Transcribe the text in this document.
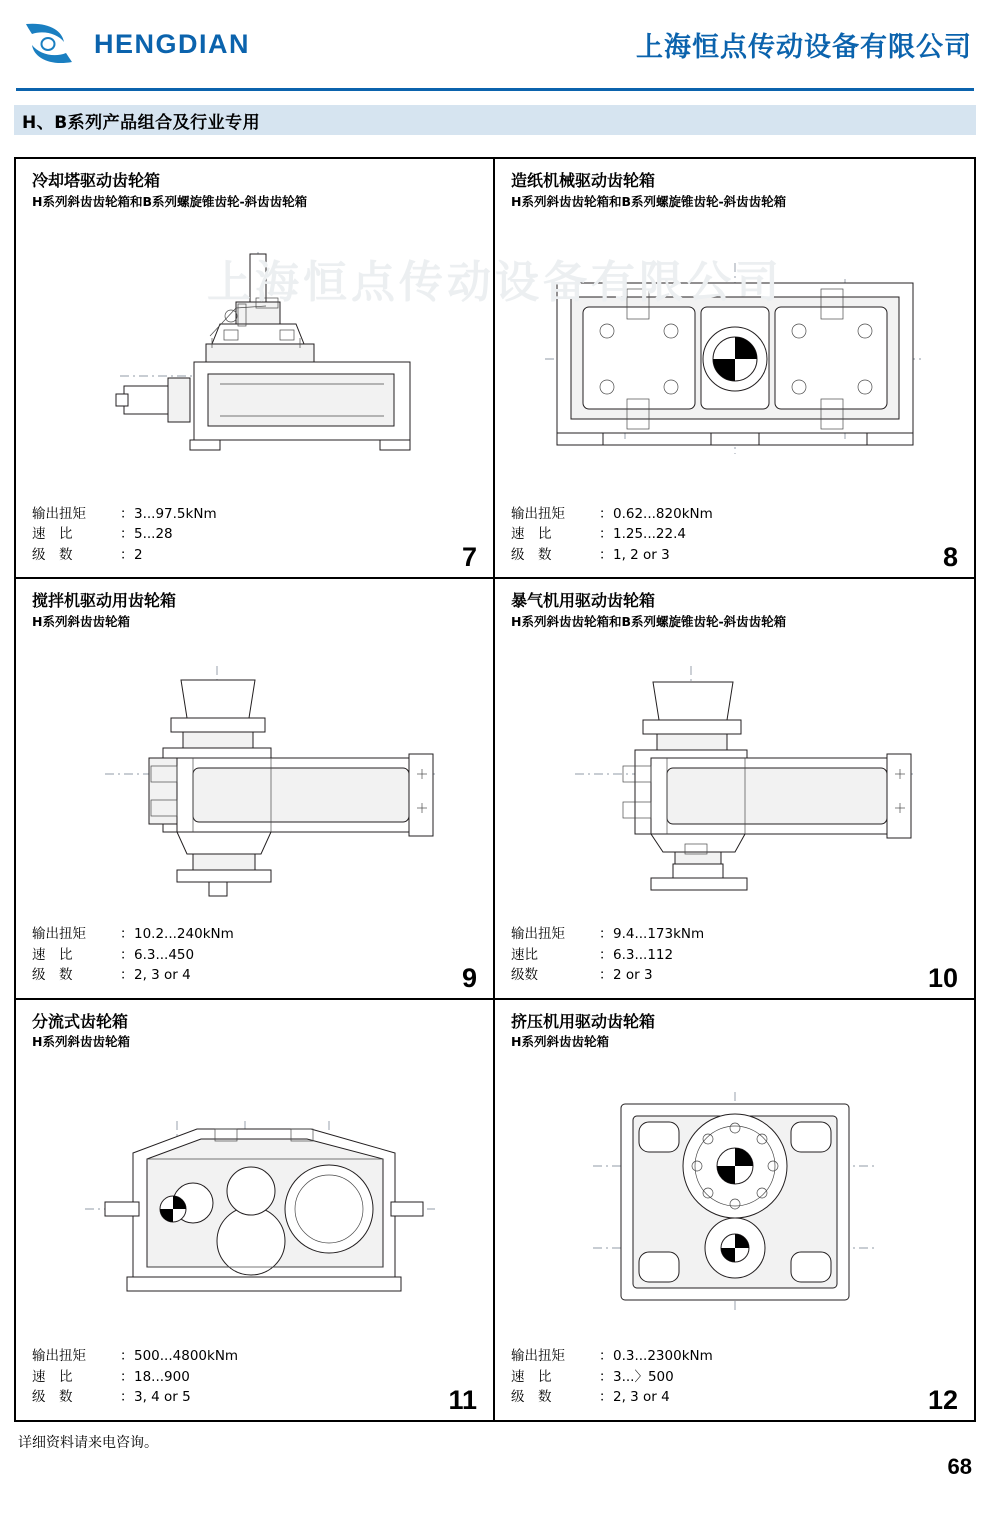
HENGDIAN	上海恒点传动设备有限公司
H、B系列产品组合及行业专用
上海恒点传动设备有限公司
冷却塔驱动齿轮箱
H系列斜齿齿轮箱和B系列螺旋锥齿轮-斜齿齿轮箱
输出扭矩	： 3...97.5kNm
速　比	： 5...28
级　数	： 2	7
造纸机械驱动齿轮箱
H系列斜齿齿轮箱和B系列螺旋锥齿轮-斜齿齿轮箱
输出扭矩	： 0.62...820kNm
速　比	： 1.25...22.4
级　数	： 1, 2 or 3	8
搅拌机驱动用齿轮箱
H系列斜齿齿轮箱
输出扭矩	： 10.2...240kNm
速　比	： 6.3...450
级　数	： 2, 3 or 4	9
暴气机用驱动齿轮箱
H系列斜齿齿轮箱和B系列螺旋锥齿轮-斜齿齿轮箱
输出扭矩	： 9.4...173kNm
速比	： 6.3...112
级数	： 2 or 3	10
分流式齿轮箱
H系列斜齿齿轮箱
输出扭矩	： 500...4800kNm
速　比	： 18...900
级　数	： 3, 4 or 5	11
挤压机用驱动齿轮箱
H系列斜齿齿轮箱
输出扭矩	： 0.3...2300kNm
速　比	： 3...〉500
级　数	： 2, 3 or 4	12
详细资料请来电咨询。
68
